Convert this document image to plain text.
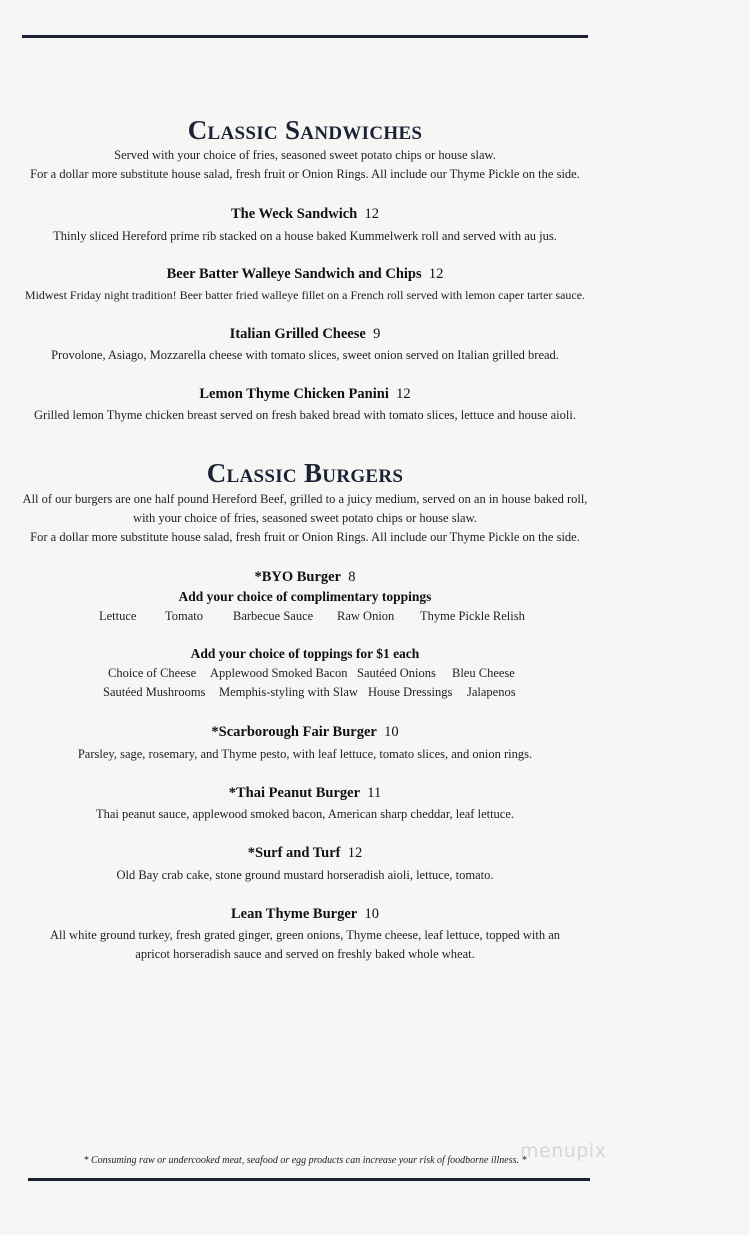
Classic Sandwiches
Served with your choice of fries, seasoned sweet potato chips or house slaw.
For a dollar more substitute house salad, fresh fruit or Onion Rings. All include our Thyme Pickle on the side.
The Weck Sandwich 12
Thinly sliced Hereford prime rib stacked on a house baked Kummelwerk roll and served with au jus.
Beer Batter Walleye Sandwich and Chips 12
Midwest Friday night tradition! Beer batter fried walleye fillet on a French roll served with lemon caper tarter sauce.
Italian Grilled Cheese 9
Provolone, Asiago, Mozzarella cheese with tomato slices, sweet onion served on Italian grilled bread.
Lemon Thyme Chicken Panini 12
Grilled lemon Thyme chicken breast served on fresh baked bread with tomato slices, lettuce and house aioli.
Classic Burgers
All of our burgers are one half pound Hereford Beef, grilled to a juicy medium, served on an in house baked roll,
with your choice of fries, seasoned sweet potato chips or house slaw.
For a dollar more substitute house salad, fresh fruit or Onion Rings. All include our Thyme Pickle on the side.
*BYO Burger 8
Add your choice of complimentary toppings
Lettuce Tomato Barbecue Sauce Raw Onion Thyme Pickle Relish
Add your choice of toppings for $1 each
Choice of Cheese Applewood Smoked Bacon Sautéed Onions Bleu Cheese
Sautéed Mushrooms Memphis-styling with Slaw House Dressings Jalapenos
*Scarborough Fair Burger 10
Parsley, sage, rosemary, and Thyme pesto, with leaf lettuce, tomato slices, and onion rings.
*Thai Peanut Burger 11
Thai peanut sauce, applewood smoked bacon, American sharp cheddar, leaf lettuce.
*Surf and Turf 12
Old Bay crab cake, stone ground mustard horseradish aioli, lettuce, tomato.
Lean Thyme Burger 10
All white ground turkey, fresh grated ginger, green onions, Thyme cheese, leaf lettuce, topped with an
apricot horseradish sauce and served on freshly baked whole wheat.
menupix
* Consuming raw or undercooked meat, seafood or egg products can increase your risk of foodborne illness. *
